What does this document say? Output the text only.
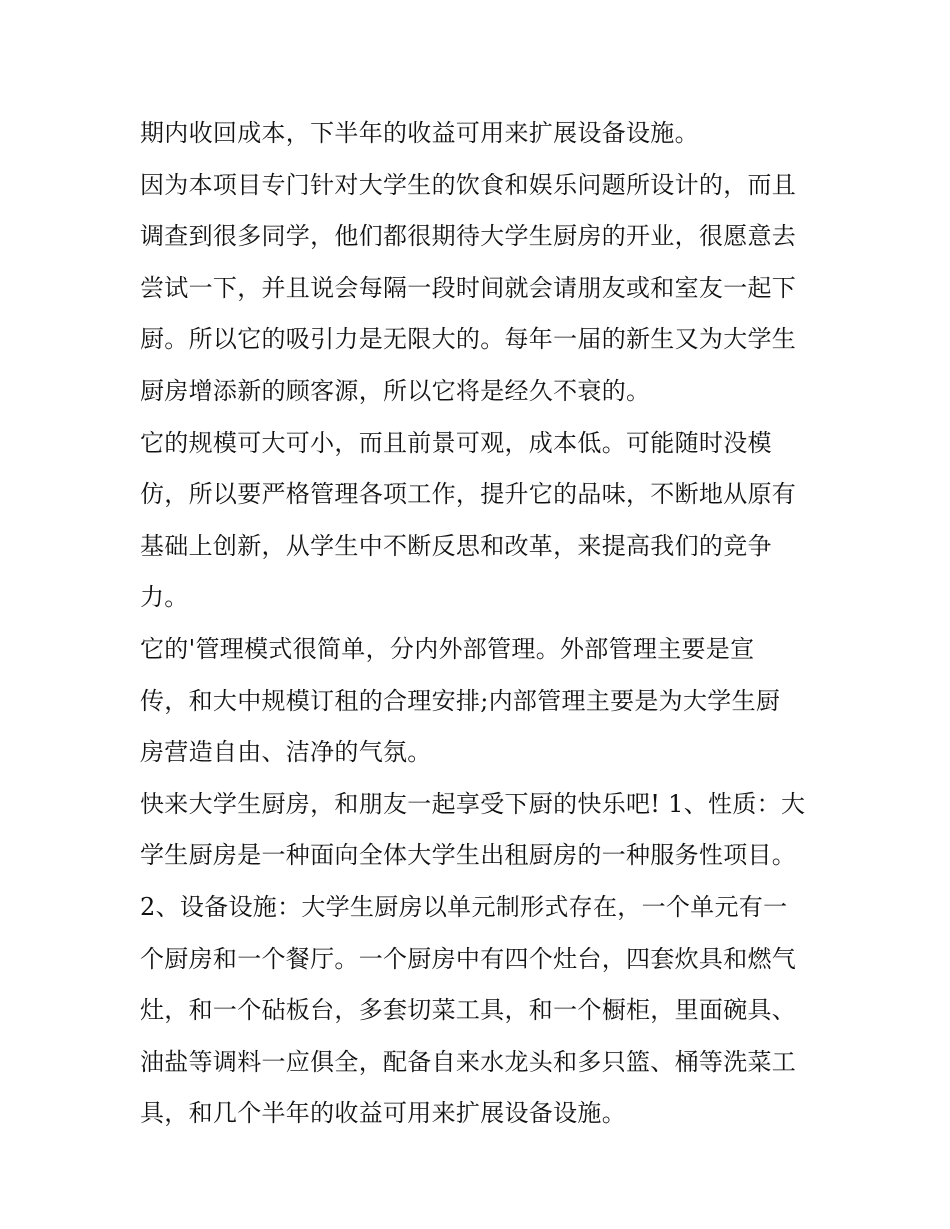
期内收回成本，下半年的收益可用来扩展设备设施。
因为本项目专门针对大学生的饮食和娱乐问题所设计的，而且
调查到很多同学，他们都很期待大学生厨房的开业，很愿意去
尝试一下，并且说会每隔一段时间就会请朋友或和室友一起下
厨。所以它的吸引力是无限大的。每年一届的新生又为大学生
厨房增添新的顾客源，所以它将是经久不衰的。
它的规模可大可小，而且前景可观，成本低。可能随时没模
仿，所以要严格管理各项工作，提升它的品味，不断地从原有
基础上创新，从学生中不断反思和改革，来提高我们的竞争
力。
它的'管理模式很简单，分内外部管理。外部管理主要是宣
传，和大中规模订租的合理安排;内部管理主要是为大学生厨
房营造自由、洁净的气氛。
快来大学生厨房，和朋友一起享受下厨的快乐吧! 1、性质：大
学生厨房是一种面向全体大学生出租厨房的一种服务性项目。
2、设备设施：大学生厨房以单元制形式存在，一个单元有一
个厨房和一个餐厅。一个厨房中有四个灶台，四套炊具和燃气
灶，和一个砧板台，多套切菜工具，和一个橱柜，里面碗具、
油盐等调料一应俱全，配备自来水龙头和多只篮、桶等洗菜工
具，和几个半年的收益可用来扩展设备设施。
